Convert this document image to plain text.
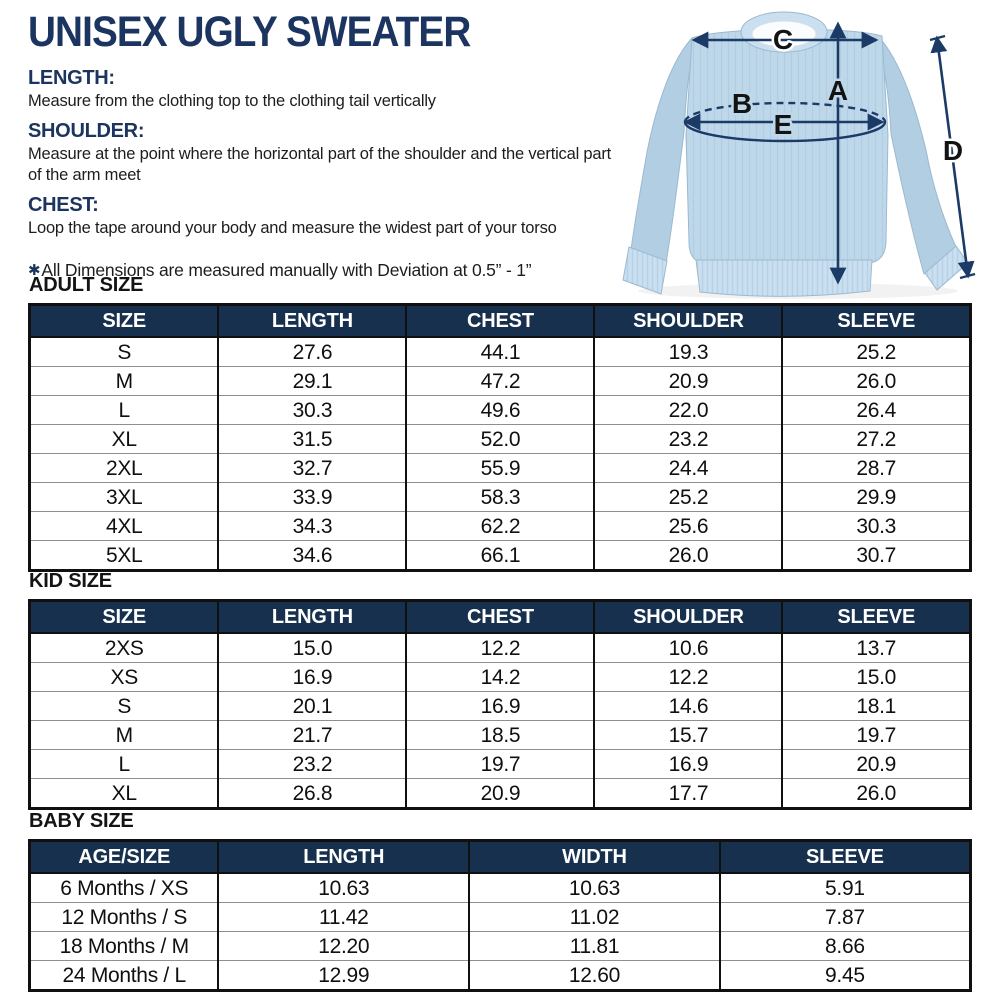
UNISEX UGLY SWEATER
LENGTH:

Measure from the clothing top to the clothing tail vertically

SHOULDER:

Measure at the point where the horizontal part of the shoulder and the vertical part of the arm meet

CHEST:

Loop the tape around your body and measure the widest part of your torso

✱All Dimensions are measured manually with Deviation at 0.5” - 1”

C
A
B
E
D
ADULT SIZE
SIZE	LENGTH	CHEST	SHOULDER	SLEEVE
S	27.6	44.1	19.3	25.2
M	29.1	47.2	20.9	26.0
L	30.3	49.6	22.0	26.4
XL	31.5	52.0	23.2	27.2
2XL	32.7	55.9	24.4	28.7
3XL	33.9	58.3	25.2	29.9
4XL	34.3	62.2	25.6	30.3
5XL	34.6	66.1	26.0	30.7
KID SIZE
SIZE	LENGTH	CHEST	SHOULDER	SLEEVE
2XS	15.0	12.2	10.6	13.7
XS	16.9	14.2	12.2	15.0
S	20.1	16.9	14.6	18.1
M	21.7	18.5	15.7	19.7
L	23.2	19.7	16.9	20.9
XL	26.8	20.9	17.7	26.0
BABY SIZE
AGE/SIZE	LENGTH	WIDTH	SLEEVE
6 Months / XS	10.63	10.63	5.91
12 Months / S	11.42	11.02	7.87
18 Months / M	12.20	11.81	8.66
24 Months / L	12.99	12.60	9.45
